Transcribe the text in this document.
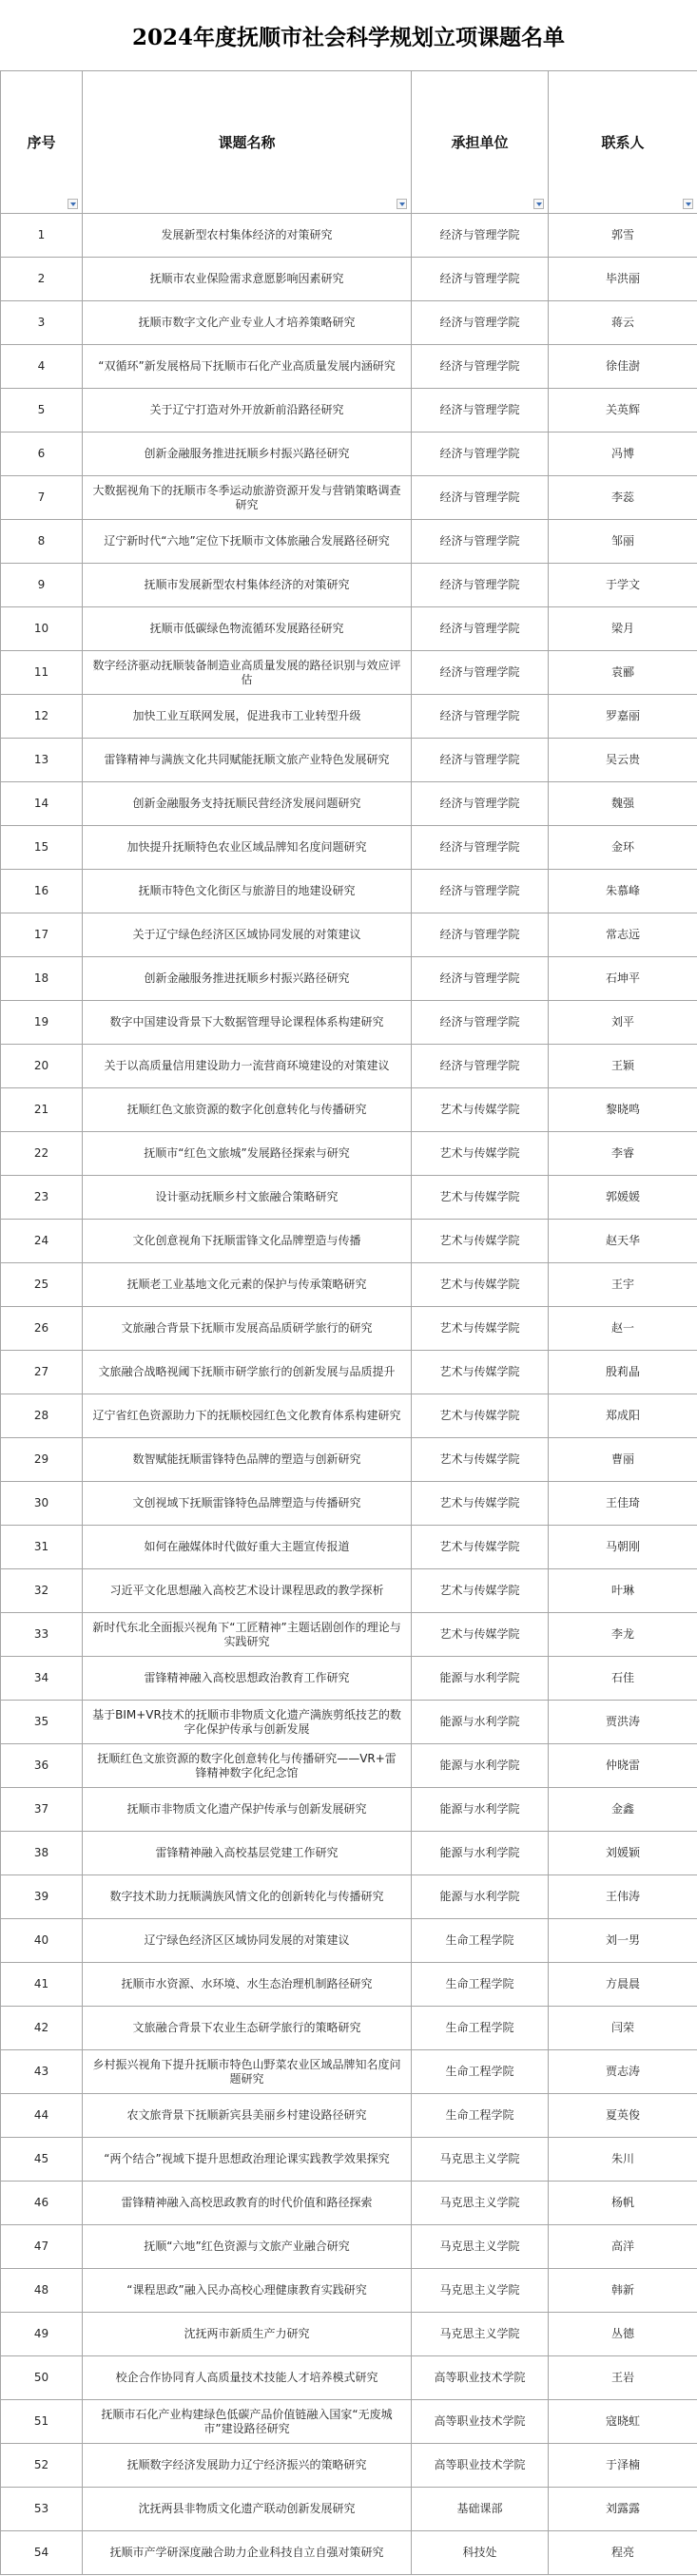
2024年度抚顺市社会科学规划立项课题名单
序号	课题名称	承担单位	联系人

1	发展新型农村集体经济的对策研究	经济与管理学院	郭雪
2	抚顺市农业保险需求意愿影响因素研究	经济与管理学院	毕洪丽
3	抚顺市数字文化产业专业人才培养策略研究	经济与管理学院	蒋云
4	“双循环”新发展格局下抚顺市石化产业高质量发展内涵研究	经济与管理学院	徐佳澍
5	关于辽宁打造对外开放新前沿路径研究	经济与管理学院	关英辉
6	创新金融服务推进抚顺乡村振兴路径研究	经济与管理学院	冯博
7	大数据视角下的抚顺市冬季运动旅游资源开发与营销策略调查研究	经济与管理学院	李蕊
8	辽宁新时代“六地”定位下抚顺市文体旅融合发展路径研究	经济与管理学院	邹丽
9	抚顺市发展新型农村集体经济的对策研究	经济与管理学院	于学文
10	抚顺市低碳绿色物流循环发展路径研究	经济与管理学院	梁月
11	数字经济驱动抚顺装备制造业高质量发展的路径识别与效应评估	经济与管理学院	袁郦
12	加快工业互联网发展，促进我市工业转型升级	经济与管理学院	罗嘉丽
13	雷锋精神与满族文化共同赋能抚顺文旅产业特色发展研究	经济与管理学院	吴云贵
14	创新金融服务支持抚顺民营经济发展问题研究	经济与管理学院	魏强
15	加快提升抚顺特色农业区域品牌知名度问题研究	经济与管理学院	金环
16	抚顺市特色文化街区与旅游目的地建设研究	经济与管理学院	朱慕峰
17	关于辽宁绿色经济区区域协同发展的对策建议	经济与管理学院	常志远
18	创新金融服务推进抚顺乡村振兴路径研究	经济与管理学院	石坤平
19	数字中国建设背景下大数据管理导论课程体系构建研究	经济与管理学院	刘平
20	关于以高质量信用建设助力一流营商环境建设的对策建议	经济与管理学院	王颖
21	抚顺红色文旅资源的数字化创意转化与传播研究	艺术与传媒学院	黎晓鸣
22	抚顺市“红色文旅城”发展路径探索与研究	艺术与传媒学院	李睿
23	设计驱动抚顺乡村文旅融合策略研究	艺术与传媒学院	郭媛媛
24	文化创意视角下抚顺雷锋文化品牌塑造与传播	艺术与传媒学院	赵天华
25	抚顺老工业基地文化元素的保护与传承策略研究	艺术与传媒学院	王宇
26	文旅融合背景下抚顺市发展高品质研学旅行的研究	艺术与传媒学院	赵一
27	文旅融合战略视阈下抚顺市研学旅行的创新发展与品质提升	艺术与传媒学院	殷莉晶
28	辽宁省红色资源助力下的抚顺校园红色文化教育体系构建研究	艺术与传媒学院	郑成阳
29	数智赋能抚顺雷锋特色品牌的塑造与创新研究	艺术与传媒学院	曹丽
30	文创视域下抚顺雷锋特色品牌塑造与传播研究	艺术与传媒学院	王佳琦
31	如何在融媒体时代做好重大主题宣传报道	艺术与传媒学院	马朝刚
32	习近平文化思想融入高校艺术设计课程思政的教学探析	艺术与传媒学院	叶琳
33	新时代东北全面振兴视角下“工匠精神”主题话剧创作的理论与实践研究	艺术与传媒学院	李龙
34	雷锋精神融入高校思想政治教育工作研究	能源与水利学院	石佳
35	基于BIM+VR技术的抚顺市非物质文化遗产满族剪纸技艺的数字化保护传承与创新发展	能源与水利学院	贾洪涛
36	抚顺红色文旅资源的数字化创意转化与传播研究——VR+雷锋精神数字化纪念馆	能源与水利学院	仲晓雷
37	抚顺市非物质文化遗产保护传承与创新发展研究	能源与水利学院	金鑫
38	雷锋精神融入高校基层党建工作研究	能源与水利学院	刘媛颖
39	数字技术助力抚顺满族风情文化的创新转化与传播研究	能源与水利学院	王伟涛
40	辽宁绿色经济区区域协同发展的对策建议	生命工程学院	刘一男
41	抚顺市水资源、水环境、水生态治理机制路径研究	生命工程学院	方晨晨
42	文旅融合背景下农业生态研学旅行的策略研究	生命工程学院	闫荣
43	乡村振兴视角下提升抚顺市特色山野菜农业区域品牌知名度问题研究	生命工程学院	贾志涛
44	农文旅背景下抚顺新宾县美丽乡村建设路径研究	生命工程学院	夏英俊
45	“两个结合”视域下提升思想政治理论课实践教学效果探究	马克思主义学院	朱川
46	雷锋精神融入高校思政教育的时代价值和路径探索	马克思主义学院	杨帆
47	抚顺“六地”红色资源与文旅产业融合研究	马克思主义学院	高洋
48	“课程思政”融入民办高校心理健康教育实践研究	马克思主义学院	韩新
49	沈抚两市新质生产力研究	马克思主义学院	丛德
50	校企合作协同育人高质量技术技能人才培养模式研究	高等职业技术学院	王岩
51	抚顺市石化产业构建绿色低碳产品价值链融入国家“无废城市”建设路径研究	高等职业技术学院	寇晓虹
52	抚顺数字经济发展助力辽宁经济振兴的策略研究	高等职业技术学院	于泽楠
53	沈抚两县非物质文化遗产联动创新发展研究	基础课部	刘露露
54	抚顺市产学研深度融合助力企业科技自立自强对策研究	科技处	程亮
